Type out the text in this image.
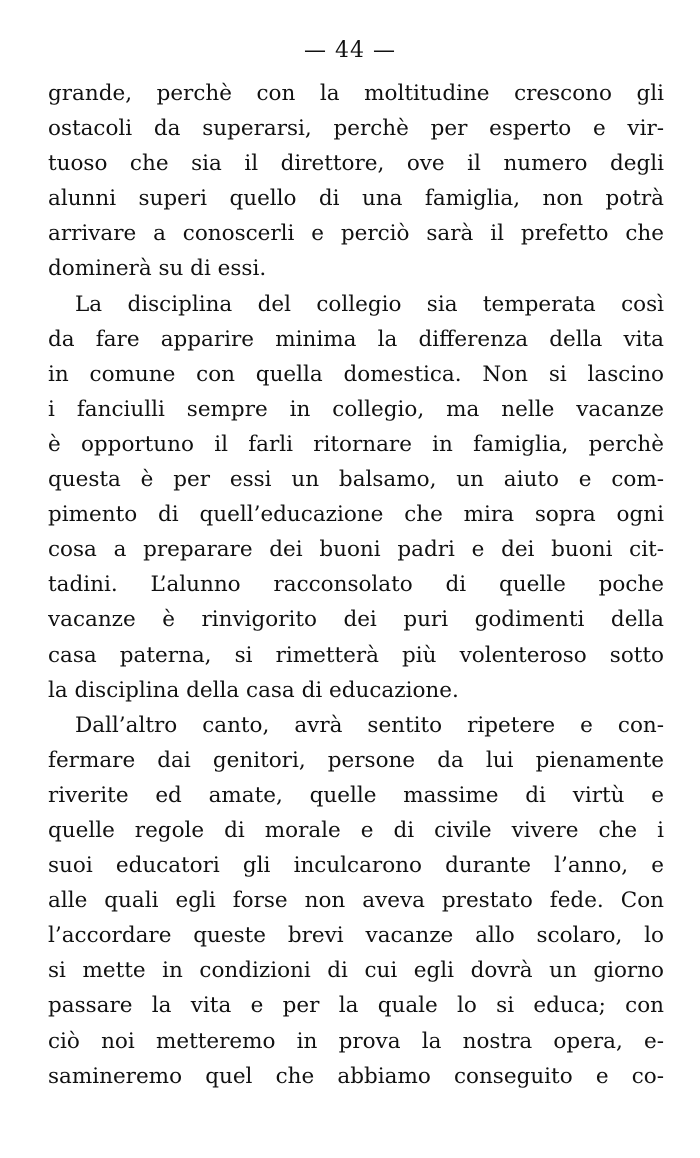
— 44 —
grande, perchè con la moltitudine crescono gli
ostacoli da superarsi, perchè per esperto e vir-
tuoso che sia il direttore, ove il numero degli
alunni superi quello di una famiglia, non potrà
arrivare a conoscerli e perciò sarà il prefetto che
dominerà su di essi.
La disciplina del collegio sia temperata così
da fare apparire minima la differenza della vita
in comune con quella domestica. Non si lascino
i fanciulli sempre in collegio, ma nelle vacanze
è opportuno il farli ritornare in famiglia, perchè
questa è per essi un balsamo, un aiuto e com-
pimento di quell’educazione che mira sopra ogni
cosa a preparare dei buoni padri e dei buoni cit-
tadini. L’alunno racconsolato di quelle poche
vacanze è rinvigorito dei puri godimenti della
casa paterna, si rimetterà più volenteroso sotto
la disciplina della casa di educazione.
Dall’altro canto, avrà sentito ripetere e con-
fermare dai genitori, persone da lui pienamente
riverite ed amate, quelle massime di virtù e
quelle regole di morale e di civile vivere che i
suoi educatori gli inculcarono durante l’anno, e
alle quali egli forse non aveva prestato fede. Con
l’accordare queste brevi vacanze allo scolaro, lo
si mette in condizioni di cui egli dovrà un giorno
passare la vita e per la quale lo si educa; con
ciò noi metteremo in prova la nostra opera, e-
samineremo quel che abbiamo conseguito e co-
